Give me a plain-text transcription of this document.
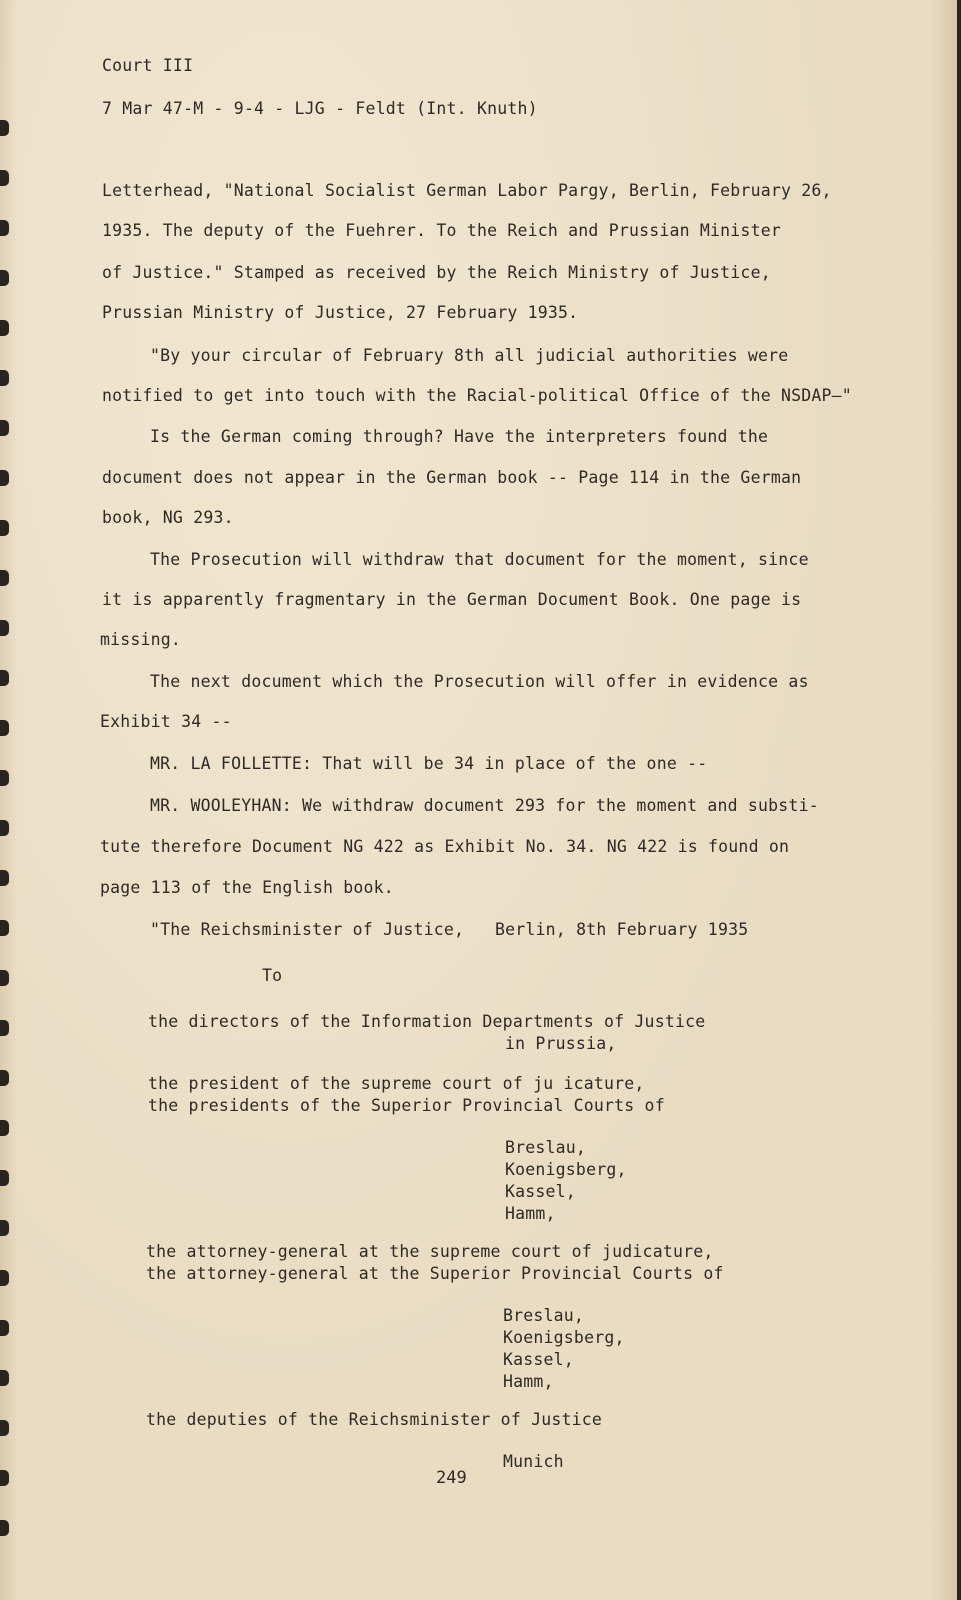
Court III
7 Mar 47-M - 9-4 - LJG - Feldt (Int. Knuth)
Letterhead, "National Socialist German Labor Pargy, Berlin, February 26,
1935. The deputy of the Fuehrer. To the Reich and Prussian Minister
of Justice." Stamped as received by the Reich Ministry of Justice,
Prussian Ministry of Justice, 27 February 1935.
"By your circular of February 8th all judicial authorities were
notified to get into touch with the Racial-political Office of the NSDAP—"
Is the German coming through? Have the interpreters found the
document does not appear in the German book -- Page 114 in the German
book, NG 293.
The Prosecution will withdraw that document for the moment, since
it is apparently fragmentary in the German Document Book. One page is
missing.
The next document which the Prosecution will offer in evidence as
Exhibit 34 --
MR. LA FOLLETTE: That will be 34 in place of the one --
MR. WOOLEYHAN: We withdraw document 293 for the moment and substi-
tute therefore Document NG 422 as Exhibit No. 34. NG 422 is found on
page 113 of the English book.
"The Reichsminister of Justice, Berlin, 8th February 1935
To
the directors of the Information Departments of Justice
in Prussia,
the president of the supreme court of ju icature,
the presidents of the Superior Provincial Courts of
Breslau,
Koenigsberg,
Kassel,
Hamm,
the attorney-general at the supreme court of judicature,
the attorney-general at the Superior Provincial Courts of
Breslau,
Koenigsberg,
Kassel,
Hamm,
the deputies of the Reichsminister of Justice
Munich
249
